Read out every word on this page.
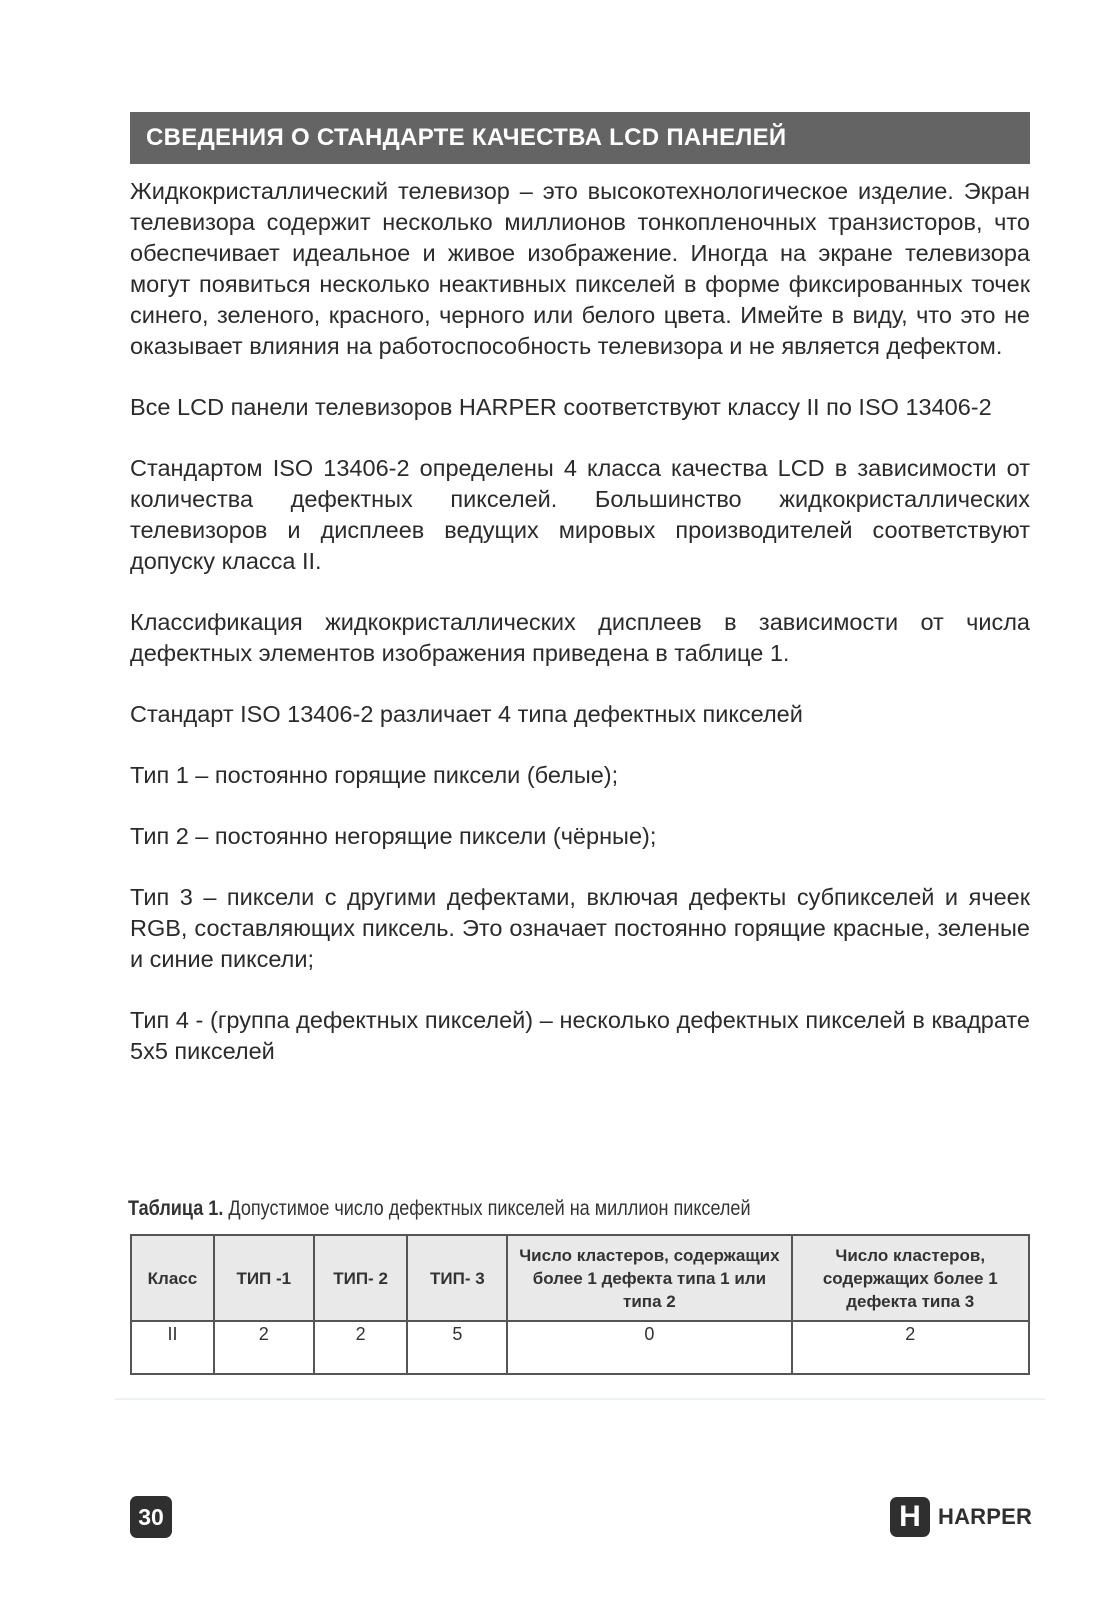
СВЕДЕНИЯ О СТАНДАРТЕ КАЧЕСТВА LCD ПАНЕЛЕЙ

Жидкокристаллический телевизор – это высокотехнологическое изделие. Экран телевизора содержит несколько миллионов тонкопленочных транзисторов, что обеспечивает идеальное и живое изображение. Иногда на экране телевизора могут появиться несколько неактивных пикселей в форме фиксированных точек синего, зеленого, красного, черного или белого цвета. Имейте в виду, что это не оказывает влияния на работоспособность телевизора и не является дефектом.

Все LCD панели телевизоров HARPER соответствуют классу II по ISO 13406-2

Стандартом ISO 13406-2 определены 4 класса качества LCD в зависимости от количества дефектных пикселей. Большинство жидкокристаллических телевизоров и дисплеев ведущих мировых производителей соответствуют допуску класса II.

Классификация жидкокристаллических дисплеев в зависимости от числа дефектных элементов изображения приведена в таблице 1.

Стандарт ISO 13406-2 различает 4 типа дефектных пикселей

Тип 1 – постоянно горящие пиксели (белые);

Тип 2 – постоянно негорящие пиксели (чёрные);

Тип 3 – пиксели с другими дефектами, включая дефекты субпикселей и ячеек RGB, составляющих пиксель. Это означает постоянно горящие красные, зеленые и синие пиксели;

Тип 4 - (группа дефектных пикселей) – несколько дефектных пикселей в квадрате 5х5 пикселей

Таблица 1. Допустимое число дефектных пикселей на миллион пикселей
Класс	ТИП -1	ТИП- 2	ТИП- 3	Число кластеров, содержащих более 1 дефекта типа 1 или типа 2	Число кластеров, содержащих более 1 дефекта типа 3
II	2	2	5	0	2
30	H HARPER
